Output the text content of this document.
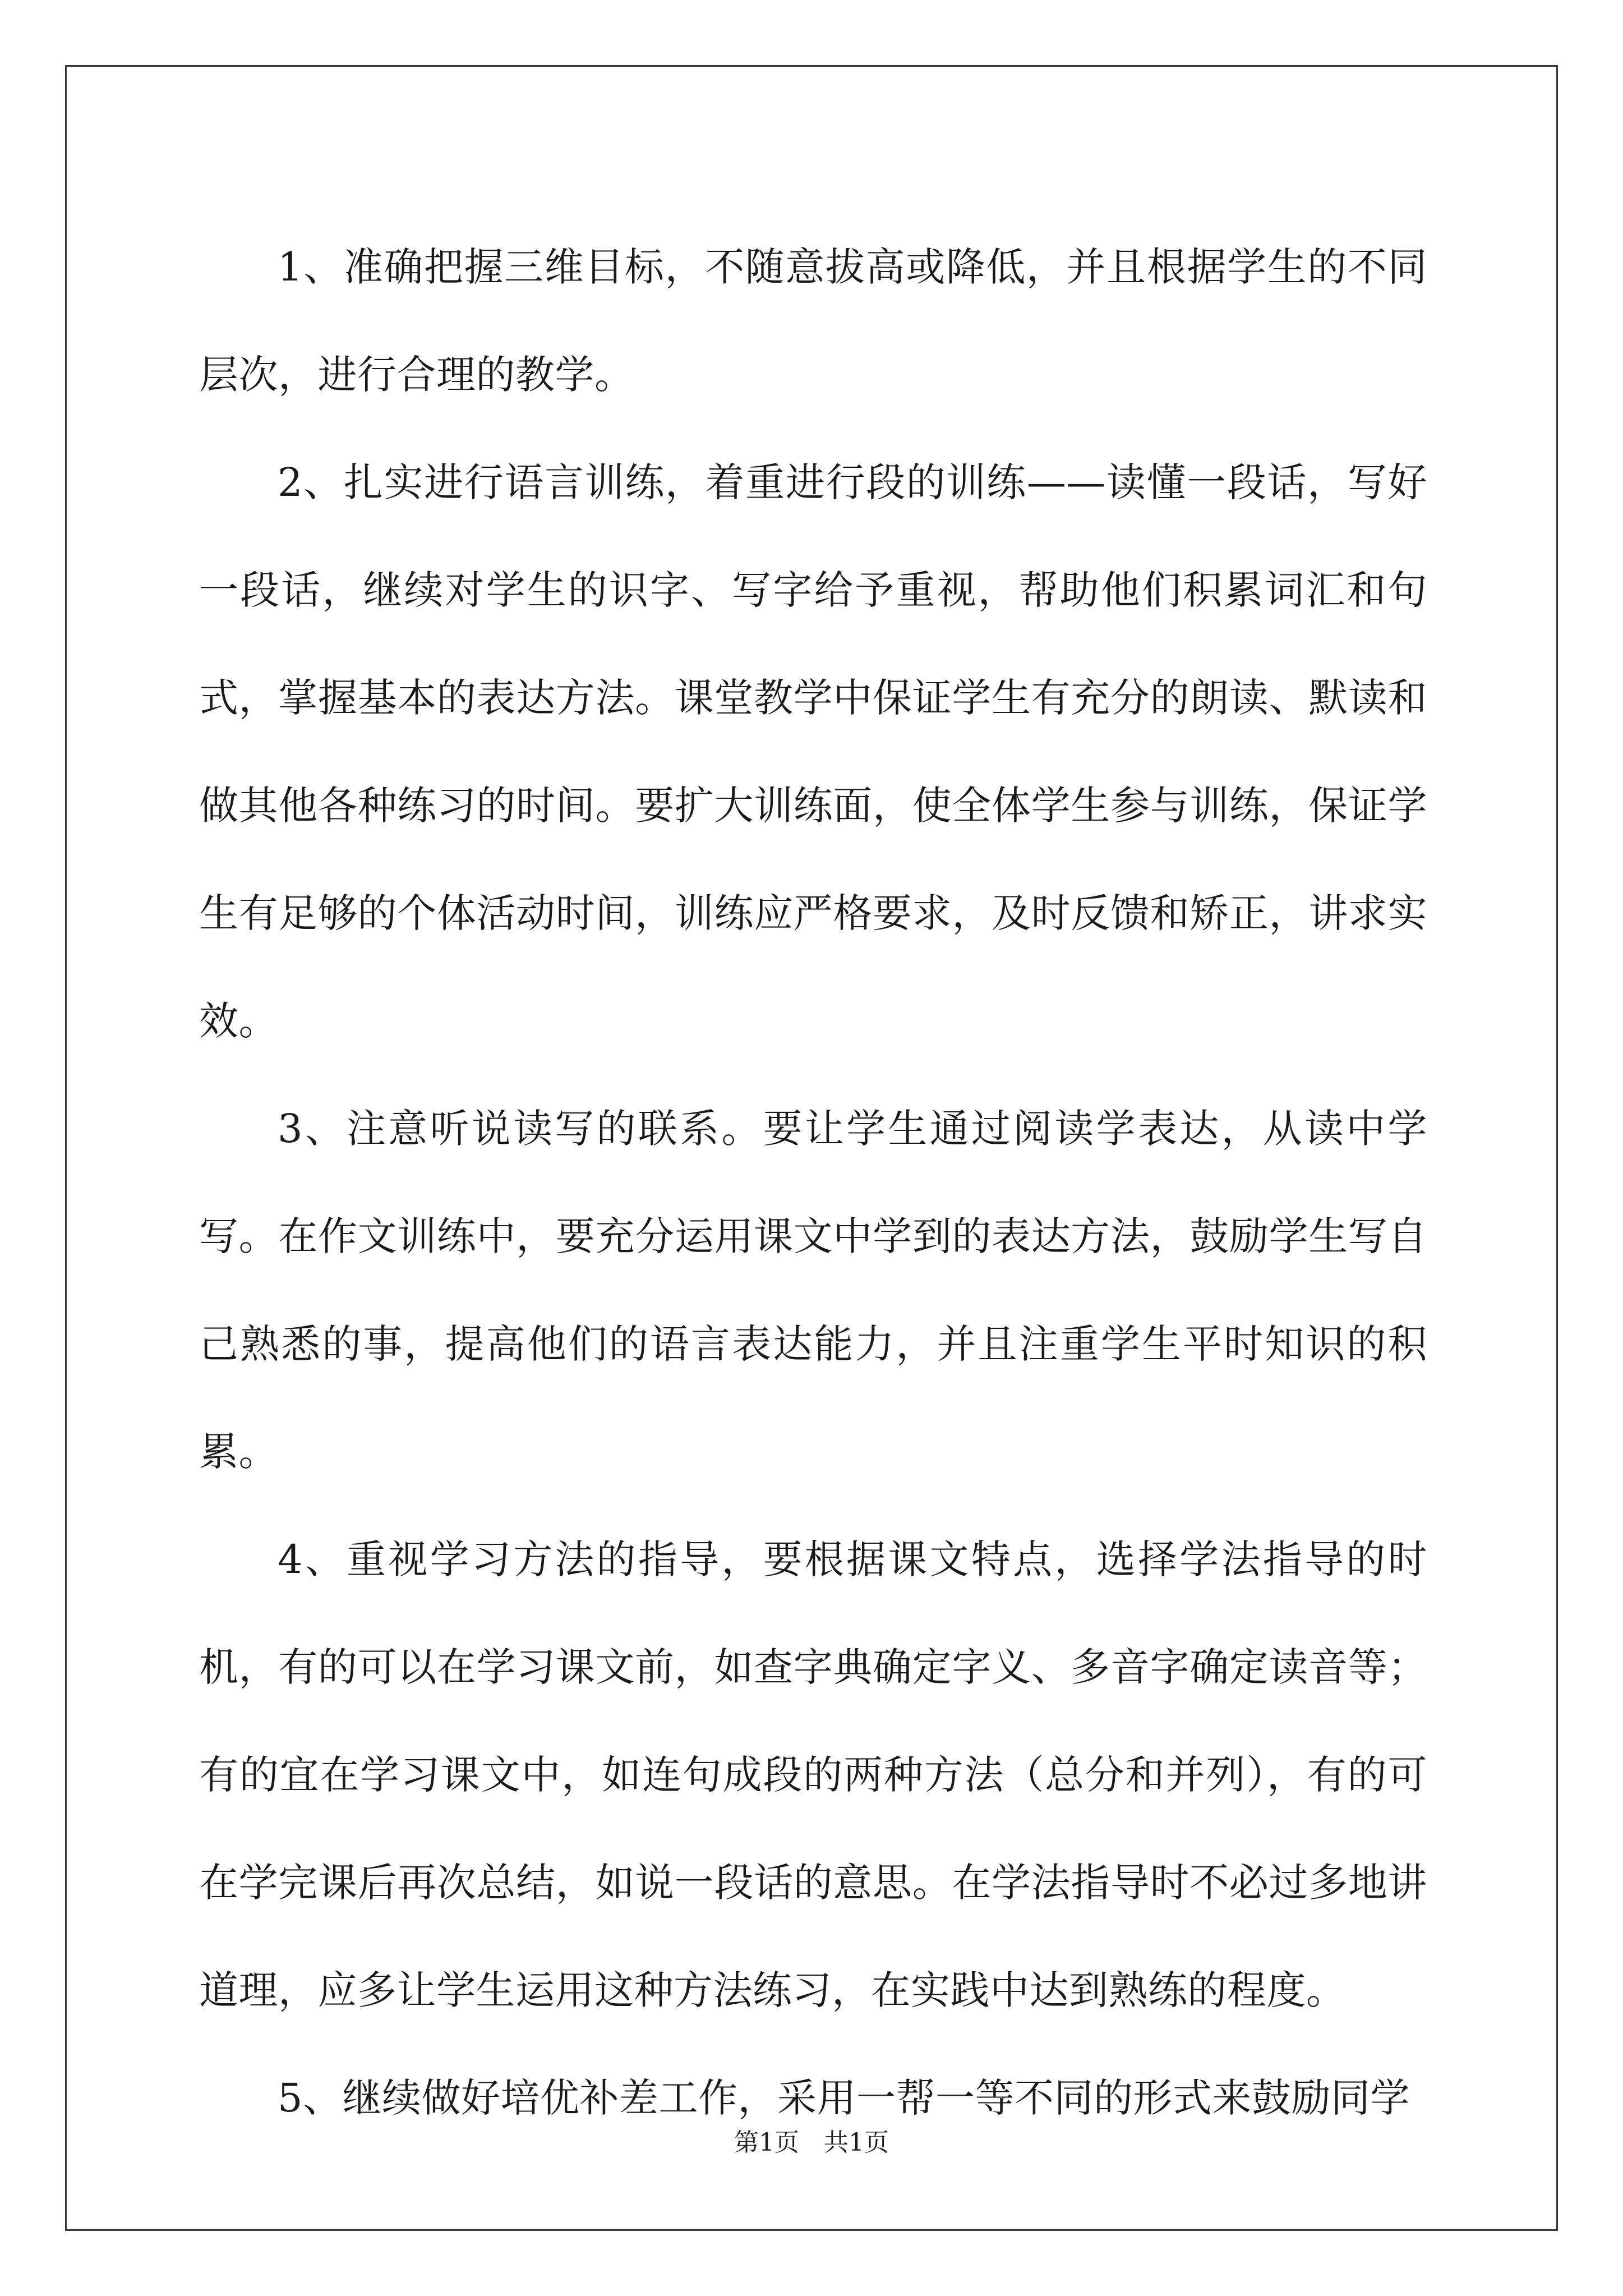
1、准确把握三维目标，不随意拔高或降低，并且根据学生的不同层次，进行合理的教学。

2、扎实进行语言训练，着重进行段的训练——读懂一段话，写好一段话，继续对学生的识字、写字给予重视，帮助他们积累词汇和句式，掌握基本的表达方法。课堂教学中保证学生有充分的朗读、默读和做其他各种练习的时间。要扩大训练面，使全体学生参与训练，保证学生有足够的个体活动时间，训练应严格要求，及时反馈和矫正，讲求实效。

3、注意听说读写的联系。要让学生通过阅读学表达，从读中学写。在作文训练中，要充分运用课文中学到的表达方法，鼓励学生写自己熟悉的事，提高他们的语言表达能力，并且注重学生平时知识的积累。

4、重视学习方法的指导，要根据课文特点，选择学法指导的时机，有的可以在学习课文前，如查字典确定字义、多音字确定读音等；有的宜在学习课文中，如连句成段的两种方法（总分和并列），有的可在学完课后再次总结，如说一段话的意思。在学法指导时不必过多地讲道理，应多让学生运用这种方法练习，在实践中达到熟练的程度。

5、继续做好培优补差工作，采用一帮一等不同的形式来鼓励同学

第1页　共1页
